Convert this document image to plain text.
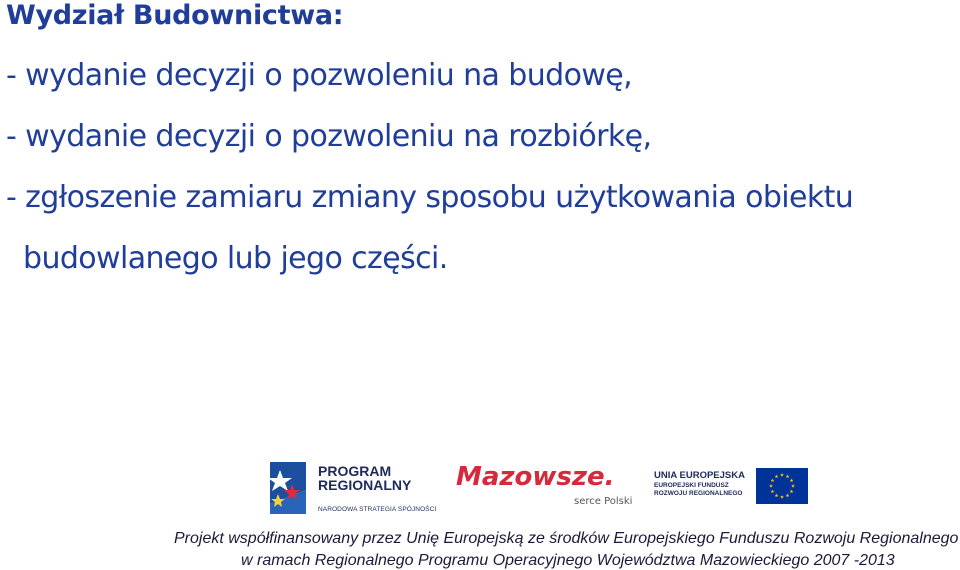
Wydział Budownictwa:
- wydanie decyzji o pozwoleniu na budowę,
- wydanie decyzji o pozwoleniu na rozbiórkę,
- zgłoszenie zamiaru zmiany sposobu użytkowania obiektu
budowlanego lub jego części.
PROGRAM
REGIONALNY
NARODOWA STRATEGIA SPÓJNOŚCI
Mazowsze.
serce Polski
UNIA EUROPEJSKA
EUROPEJSKI FUNDUSZ
ROZWOJU REGIONALNEGO
Projekt współfinansowany przez Unię Europejską ze środków Europejskiego Funduszu Rozwoju Regionalnego
w ramach Regionalnego Programu Operacyjnego Województwa Mazowieckiego 2007 -2013
